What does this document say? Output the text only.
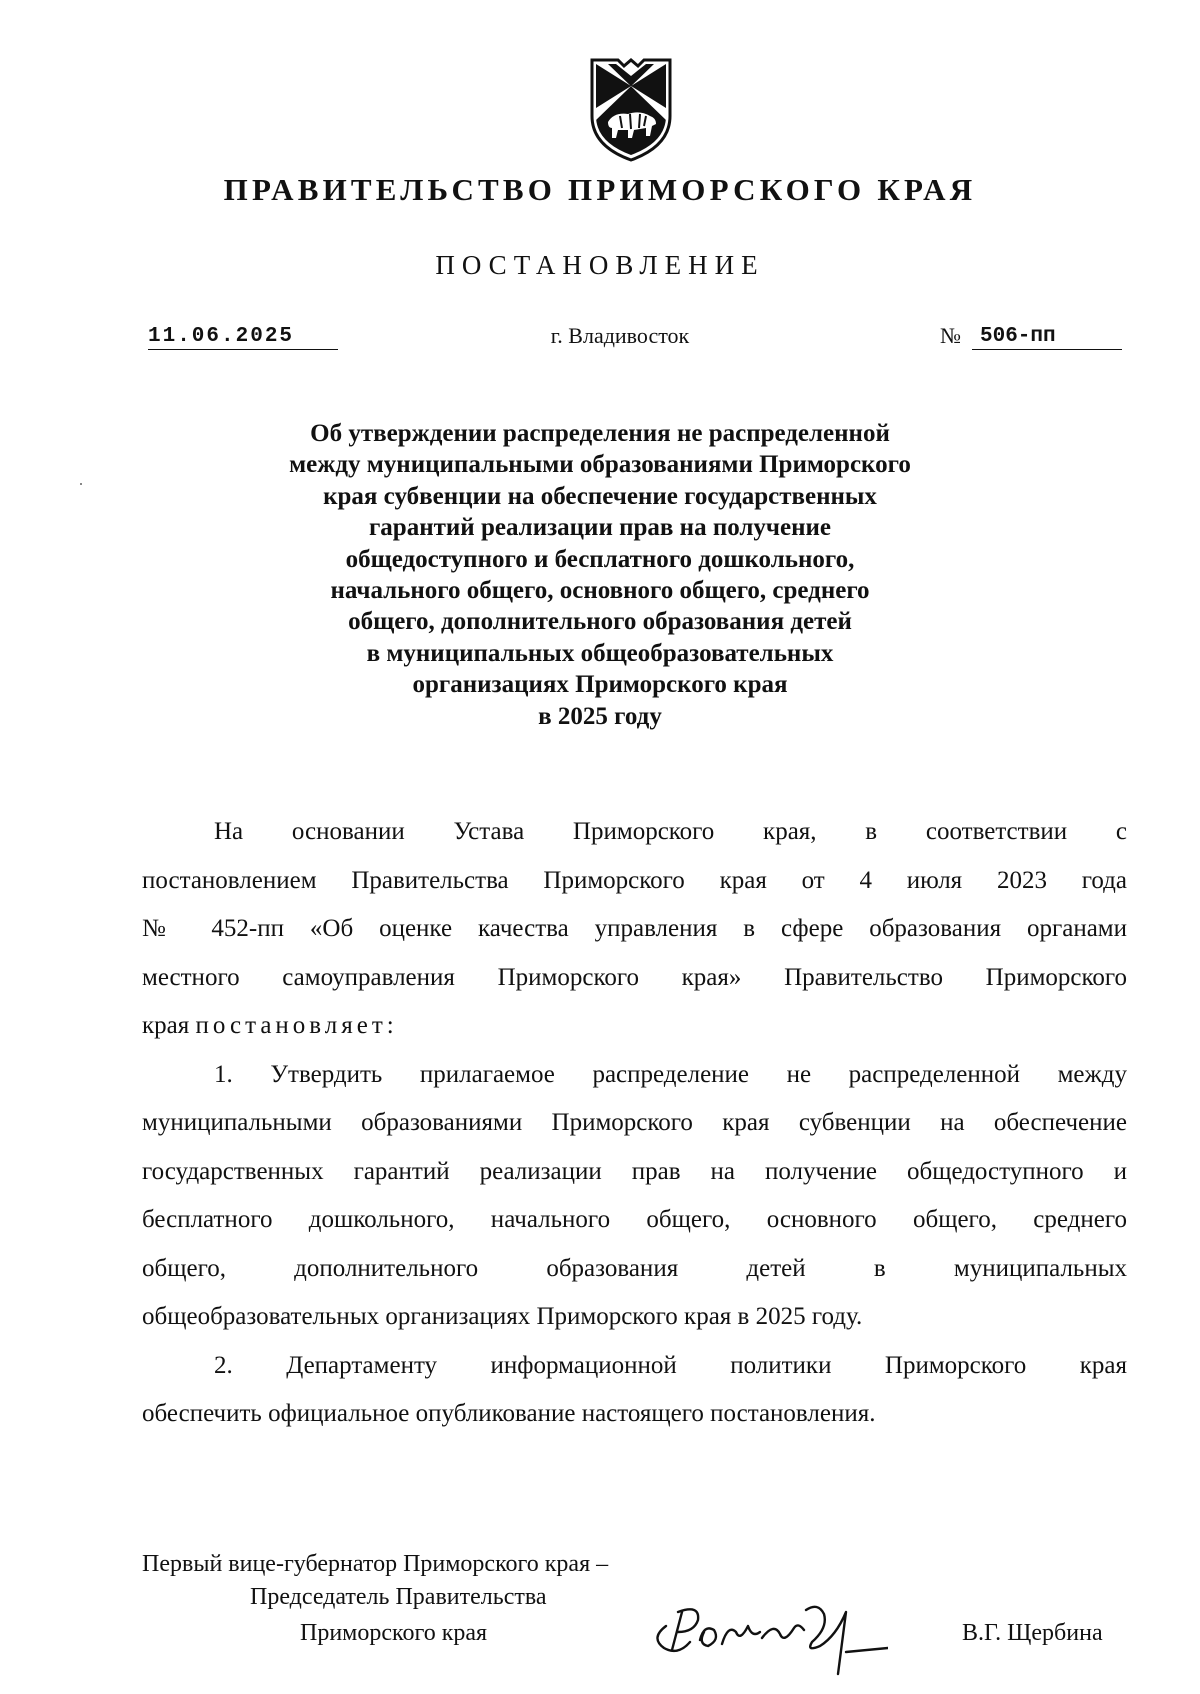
ПРАВИТЕЛЬСТВО ПРИМОРСКОГО КРАЯ
ПОСТАНОВЛЕНИЕ
11.06.2025	г. Владивосток	№ 506-пп
Об утверждении распределения не распределенной
между муниципальными образованиями Приморского
края субвенции на обеспечение государственных
гарантий реализации прав на получение
общедоступного и бесплатного дошкольного,
начального общего, основного общего, среднего
общего, дополнительного образования детей
в муниципальных общеобразовательных
организациях Приморского края
в 2025 году
На основании Устава Приморского края, в соответствии с
постановлением Правительства Приморского края от 4 июля 2023 года
№ 452-пп «Об оценке качества управления в сфере образования органами
местного самоуправления Приморского края» Правительство Приморского
края постановляет:
1. Утвердить прилагаемое распределение не распределенной между
муниципальными образованиями Приморского края субвенции на обеспечение
государственных гарантий реализации прав на получение общедоступного и
бесплатного дошкольного, начального общего, основного общего, среднего
общего, дополнительного образования детей в муниципальных
общеобразовательных организациях Приморского края в 2025 году.
2. Департаменту информационной политики Приморского края
обеспечить официальное опубликование настоящего постановления.
Первый вице-губернатор Приморского края –
Председатель Правительства
Приморского края	В.Г. Щербина
